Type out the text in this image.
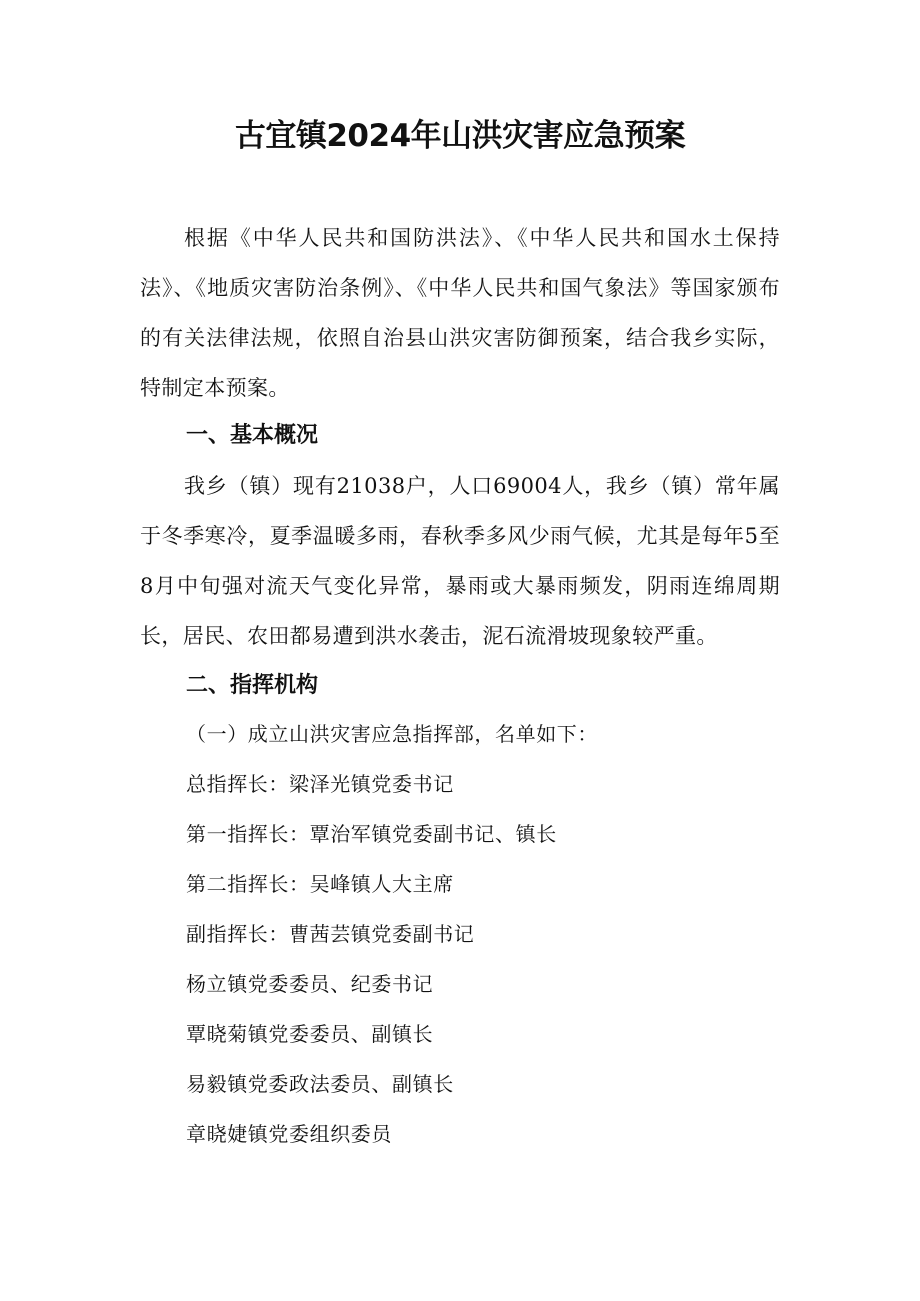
古宜镇2024年山洪灾害应急预案

根据《中华人民共和国防洪法》、《中华人民共和国水土保持法》、《地质灾害防治条例》、《中华人民共和国气象法》等国家颁布的有关法律法规，依照自治县山洪灾害防御预案，结合我乡实际，特制定本预案。

一、基本概况

我乡（镇）现有21038户，人口69004人，我乡（镇）常年属于冬季寒冷，夏季温暖多雨，春秋季多风少雨气候，尤其是每年5至8月中旬强对流天气变化异常，暴雨或大暴雨频发，阴雨连绵周期长，居民、农田都易遭到洪水袭击，泥石流滑坡现象较严重。

二、指挥机构

（一）成立山洪灾害应急指挥部，名单如下：

总指挥长：梁泽光镇党委书记

第一指挥长：覃治军镇党委副书记、镇长

第二指挥长：吴峰镇人大主席

副指挥长：曹茜芸镇党委副书记

杨立镇党委委员、纪委书记

覃晓菊镇党委委员、副镇长

易毅镇党委政法委员、副镇长

章晓婕镇党委组织委员
